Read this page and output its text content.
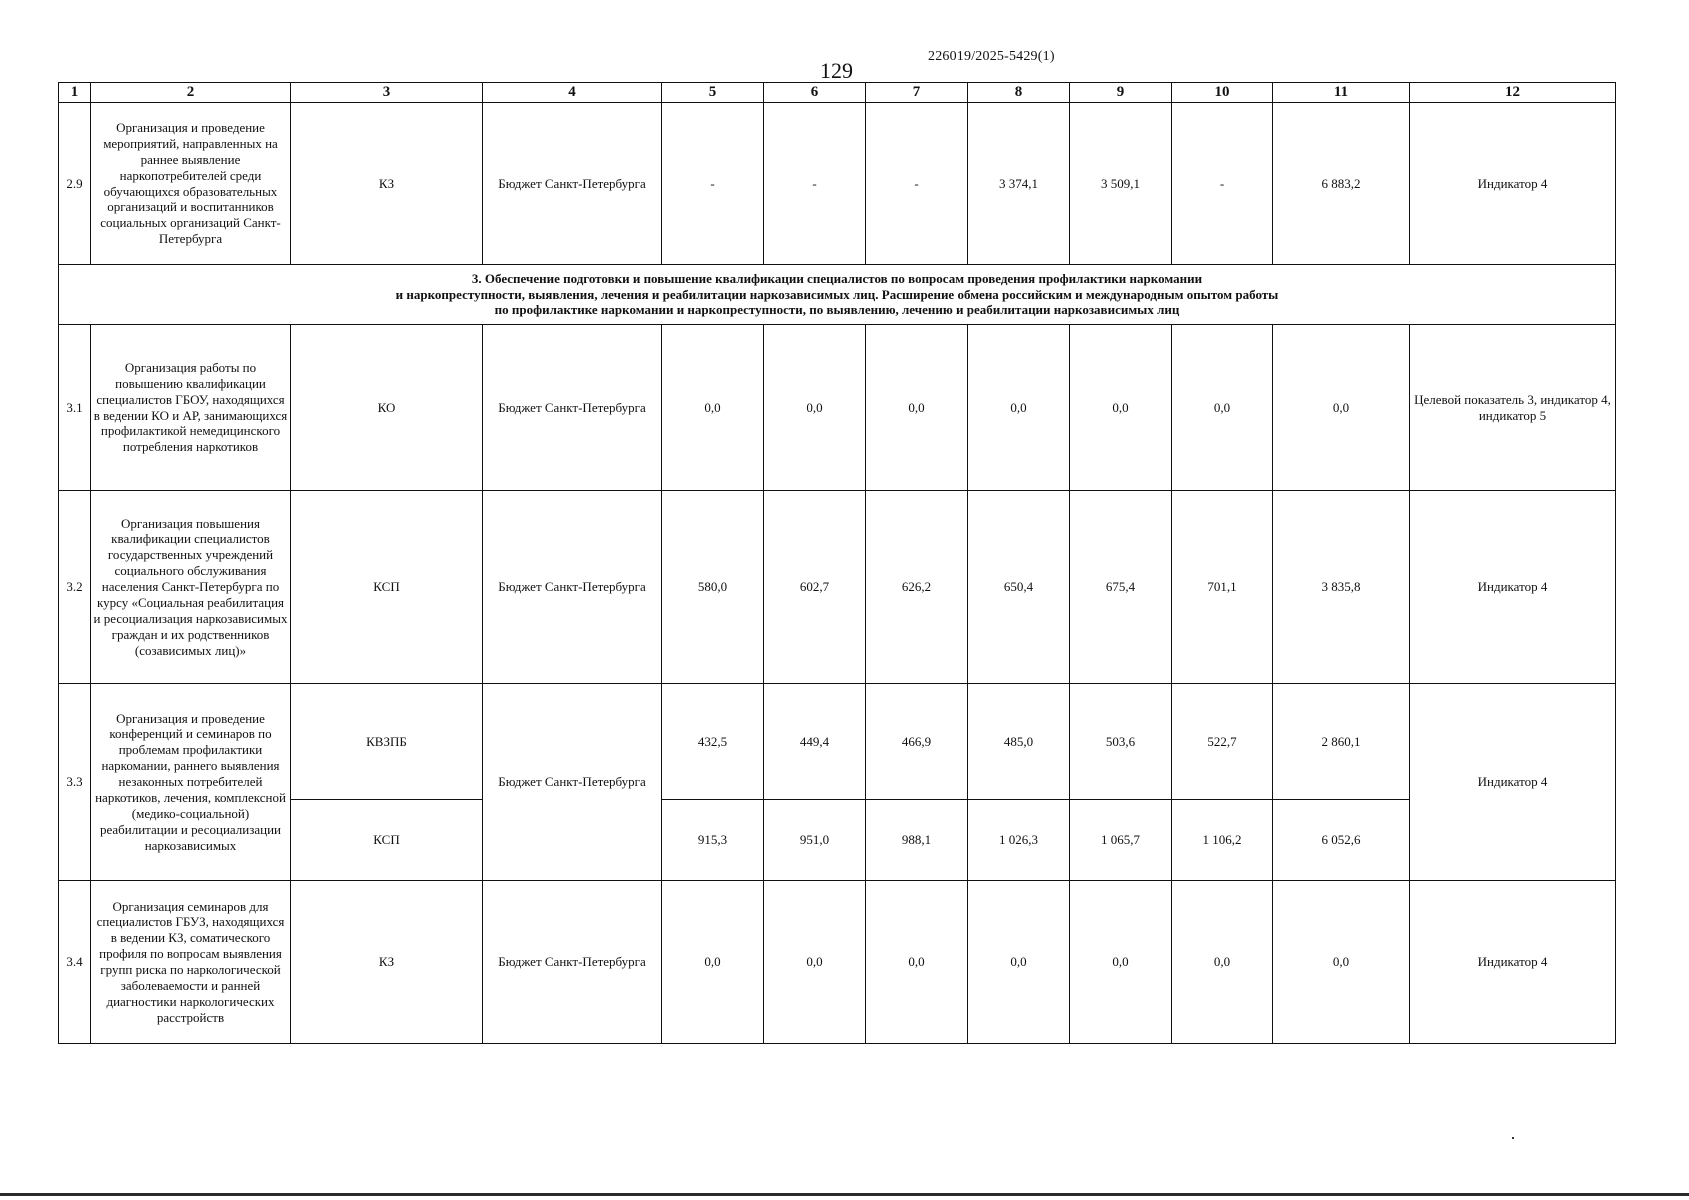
226019/2025-5429(1)
129
1	2	3	4	5	6	7	8	9	10	11	12
2.9	Организация и проведение мероприятий, направленных на раннее выявление наркопотребителей среди обучающихся образовательных организаций и воспитанников социальных организаций Санкт-Петербурга	КЗ	Бюджет Санкт-Петербурга	-	-	-	3 374,1	3 509,1	-	6 883,2	Индикатор 4

3. Обеспечение подготовки и повышение квалификации специалистов по вопросам проведения профилактики наркомании
и наркопреступности, выявления, лечения и реабилитации наркозависимых лиц. Расширение обмена российским и международным опытом работы
по профилактике наркомании и наркопреступности, по выявлению, лечению и реабилитации наркозависимых лиц											

3.1	Организация работы по повышению квалификации специалистов ГБОУ, находящихся в ведении КО и АР, занимающихся профилактикой немедицинского потребления наркотиков	КО	Бюджет Санкт-Петербурга	0,0	0,0	0,0	0,0	0,0	0,0	0,0	Целевой показатель 3, индикатор 4, индикатор 5
3.2	Организация повышения квалификации специалистов государственных учреждений социального обслуживания населения Санкт-Петербурга по курсу «Социальная реабилитация и ресоциализация наркозависимых граждан и их родственников (созависимых лиц)»	КСП	Бюджет Санкт-Петербурга	580,0	602,7	626,2	650,4	675,4	701,1	3 835,8	Индикатор 4
3.3	Организация и проведение конференций и семинаров по проблемам профилактики наркомании, раннего выявления незаконных потребителей наркотиков, лечения, комплексной (медико-социальной) реабилитации и ресоциализации наркозависимых	КВЗПБ	Бюджет Санкт-Петербурга	432,5	449,4	466,9	485,0	503,6	522,7	2 860,1	Индикатор 4
		КСП		915,3	951,0	988,1	1 026,3	1 065,7	1 106,2	6 052,6	
3.4	Организация семинаров для специалистов ГБУЗ, находящихся в ведении КЗ, соматического профиля по вопросам выявления групп риска по наркологической заболеваемости и ранней диагностики наркологических расстройств	КЗ	Бюджет Санкт-Петербурга	0,0	0,0	0,0	0,0	0,0	0,0	0,0	Индикатор 4
